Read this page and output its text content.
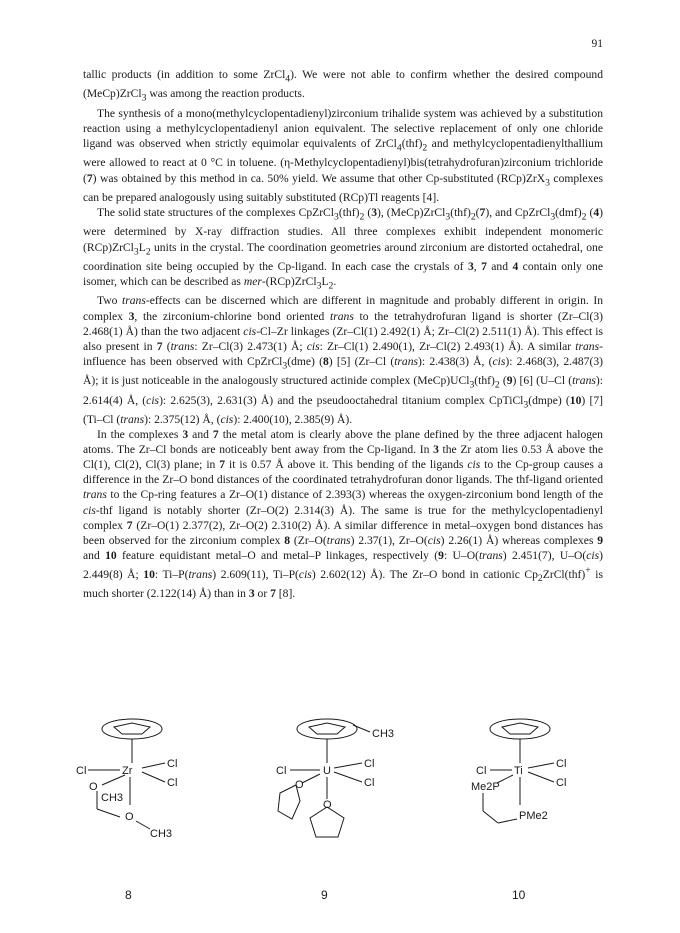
91

tallic products (in addition to some ZrCl$_4$). We were not able to confirm whether the desired compound (MeCp)ZrCl$_3$ was among the reaction products.

The synthesis of a mono(methylcyclopentadienyl)zirconium trihalide system was achieved by a substitution reaction using a methylcyclopentadienyl anion equivalent. The selective replacement of only one chloride ligand was observed when strictly equimolar equivalents of $ZrCl_4(thf)_2$ and methylcyclopentadienylthallium were allowed to react at 0 °C in toluene. (η-Methylcyclopentadienyl)bis(tetrahydrofuran)zirconium trichloride (7) was obtained by this method in ca. 50% yield. We assume that other Cp-substituted (RCp)ZrX$_3$ complexes can be prepared analogously using suitably substituted (RCp)Tl reagents [4].

The solid state structures of the complexes $CpZrCl_3(thf)_2$ (3), $(MeCp)ZrCl_3(thf)_2(7)$, and $CpZrCl_3(dmf)_2$ (4) were determined by X-ray diffraction studies. All three complexes exhibit independent monomeric $(RCp)ZrCl_3L_2$ units in the crystal. The coordination geometries around zirconium are distorted octahedral, one coordination site being occupied by the Cp-ligand. In each case the crystals of 3, 7 and 4 contain only one isomer, which can be described as mer-$(RCp)ZrCl_3L_2$.

Two trans-effects can be discerned which are different in magnitude and probably different in origin. In complex 3, the zirconium-chlorine bond oriented trans to the tetrahydrofuran ligand is shorter (Zr–Cl(3) 2.468(1) Å) than the two adjacent cis-Cl–Zr linkages (Zr–Cl(1) 2.492(1) Å; Zr–Cl(2) 2.511(1) Å). This effect is also present in 7 (trans: Zr–Cl(3) 2.473(1) Å; cis: Zr–Cl(1) 2.490(1), Zr–Cl(2) 2.493(1) Å). A similar trans-influence has been observed with CpZrCl$_3$(dme) (8) [5] (Zr–Cl (trans): 2.438(3) Å, (cis): 2.468(3), 2.487(3) Å); it is just noticeable in the analogously structured actinide complex $(MeCp)UCl_3(thf)_2$ (9) [6] (U–Cl (trans): 2.614(4) Å, (cis): 2.625(3), 2.631(3) Å) and the pseudooctahedral titanium complex CpTiCl$_3$(dmpe) (10) [7] (Ti–Cl (trans): 2.375(12) Å, (cis): 2.400(10), 2.385(9) Å).

In the complexes 3 and 7 the metal atom is clearly above the plane defined by the three adjacent halogen atoms. The Zr–Cl bonds are noticeably bent away from the Cp-ligand. In 3 the Zr atom lies 0.53 Å above the Cl(1), Cl(2), Cl(3) plane; in 7 it is 0.57 Å above it. This bending of the ligands cis to the Cp-group causes a difference in the Zr–O bond distances of the coordinated tetrahydrofuran donor ligands. The thf-ligand oriented trans to the Cp-ring features a Zr–O(1) distance of 2.393(3) whereas the oxygen-zirconium bond length of the cis-thf ligand is notably shorter (Zr–O(2) 2.314(3) Å). The same is true for the methylcyclopentadienyl complex 7 (Zr–O(1) 2.377(2), Zr–O(2) 2.310(2) Å). A similar difference in metal–oxygen bond distances has been observed for the zirconium complex 8 (Zr–O(trans) 2.37(1), Zr–O(cis) 2.26(1) Å) whereas complexes 9 and 10 feature equidistant metal–O and metal–P linkages, respectively (9: U–O(trans) 2.451(7), U–O(cis) 2.449(8) Å; 10: Ti–P(trans) 2.609(11), Ti–P(cis) 2.602(12) Å). The Zr–O bond in cationic $Cp_2ZrCl(thf)^+$ is much shorter (2.122(14) Å) than in 3 or 7 [8].

Cl	Zr
Cl
Cl
O
CH3
O
CH3
CH3
Cl	U
Cl
Cl
O
O
Cl	Ti
Cl
Cl
Me2P
PMe2
8	9	10
